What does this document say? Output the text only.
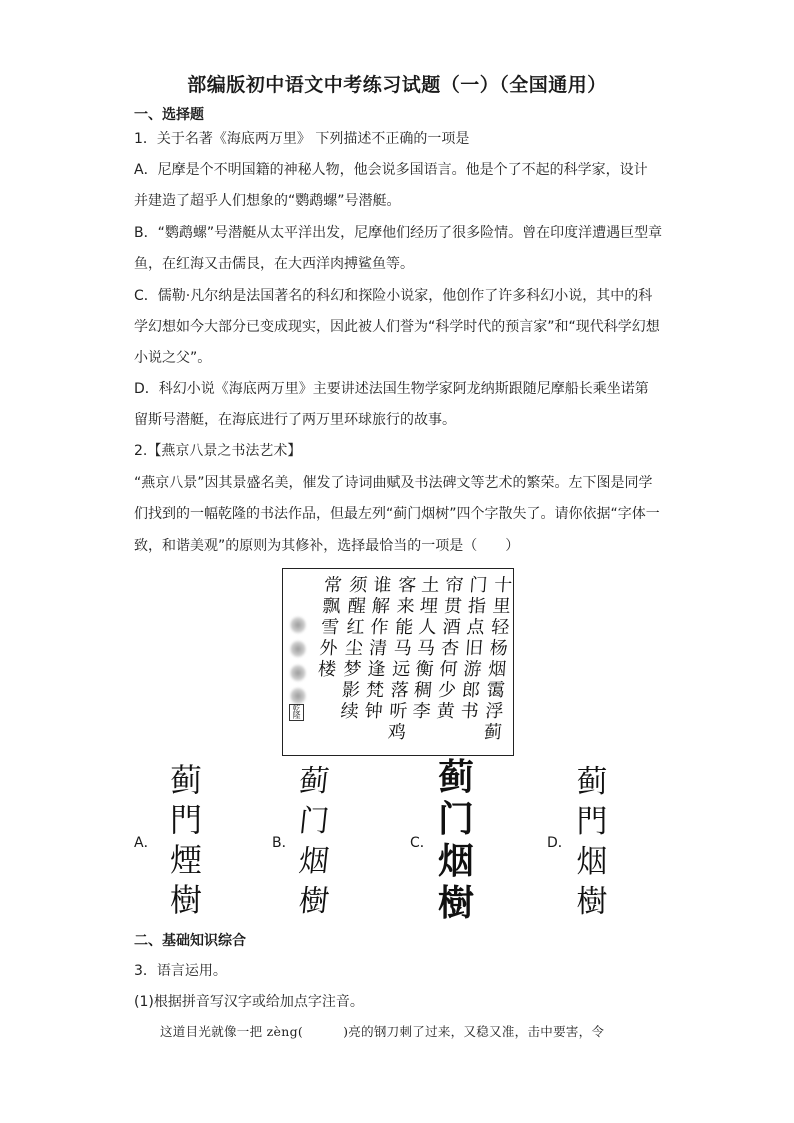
部编版初中语文中考练习试题（一）（全国通用）
一、选择题
1．关于名著《海底两万里》 下列描述不正确的一项是
A．尼摩是个不明国籍的神秘人物，他会说多国语言。他是个了不起的科学家，设计
并建造了超乎人们想象的“鹦鹉螺”号潜艇。
B．“鹦鹉螺”号潜艇从太平洋出发，尼摩他们经历了很多险情。曾在印度洋遭遇巨型章
鱼，在红海又击儒艮，在大西洋肉搏鲨鱼等。
C．儒勒·凡尔纳是法国著名的科幻和探险小说家，他创作了许多科幻小说，其中的科
学幻想如今大部分已变成现实，因此被人们誉为“科学时代的预言家”和“现代科学幻想
小说之父”。
D．科幻小说《海底两万里》主要讲述法国生物学家阿龙纳斯跟随尼摩船长乘坐诺第
留斯号潜艇，在海底进行了两万里环球旅行的故事。
2.【燕京八景之书法艺术】
“燕京八景”因其景盛名美，催发了诗词曲赋及书法碑文等艺术的繁荣。左下图是同学
们找到的一幅乾隆的书法作品，但最左列“蓟门烟树”四个字散失了。请你依据“字体一
致，和谐美观”的原则为其修补，选择最恰当的一项是（　　）
十
里
轻
杨
烟
霭
浮
蓟
门
指
点
旧
游
郎
书
帘
贯
酒
杏
何
少
黄
土
埋
人
马
衡
稠
李
客
来
能
马
远
落
听
鸡
谁
解
作
清
逢
梵
钟
须
醒
红
尘
梦
影
续
常
飘
雪
外
楼
乾隆
A．
蓟
門
煙
樹
B．
蓟
门
烟
樹
C．
蓟
门
烟
樹
D．
蓟
門
烟
樹
二、基础知识综合
3．语言运用。
(1)根据拼音写汉字或给加点字注音。
这道目光就像一把 zèng(	)亮的钢刀刺了过来，又稳又准，击中要害，令
